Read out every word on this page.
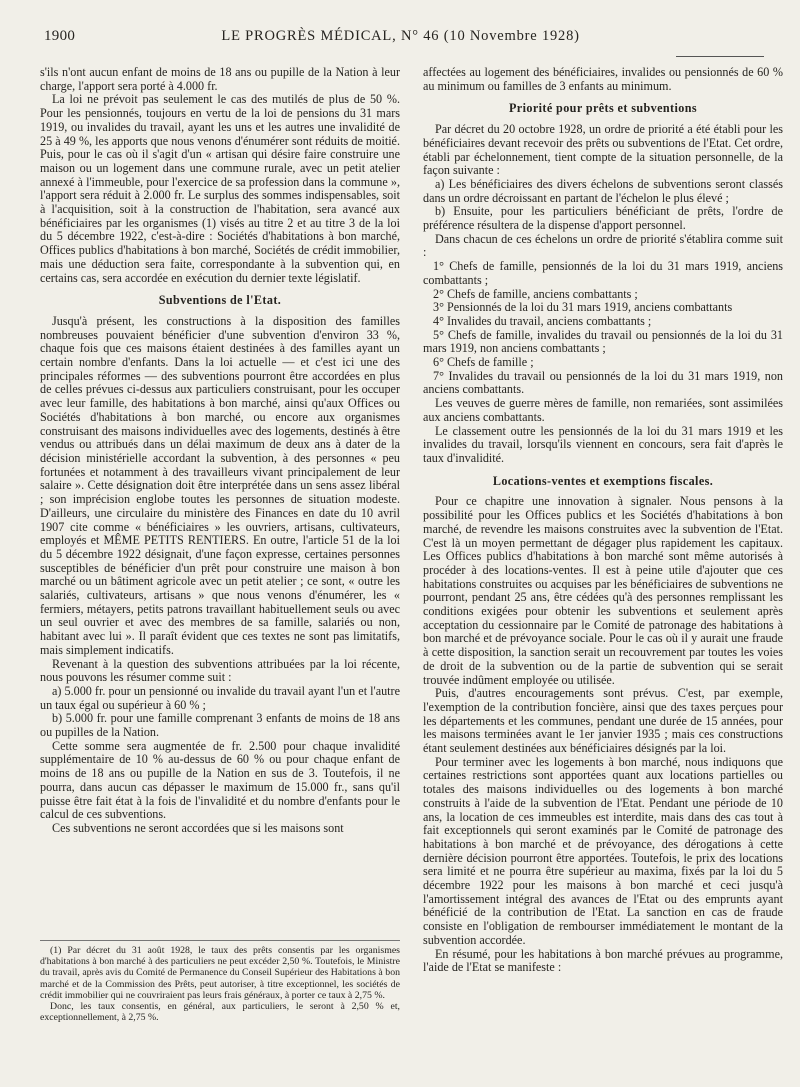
1900	LE PROGRÈS MÉDICAL, N° 46 (10 Novembre 1928)

s'ils n'ont aucun enfant de moins de 18 ans ou pupille de la Nation à leur charge, l'apport sera porté à 4.000 fr.

La loi ne prévoit pas seulement le cas des mutilés de plus de 50 %. Pour les pensionnés, toujours en vertu de la loi de pensions du 31 mars 1919, ou invalides du travail, ayant les uns et les autres une invalidité de 25 à 49 %, les apports que nous venons d'énumérer sont réduits de moitié. Puis, pour le cas où il s'agit d'un « artisan qui désire faire construire une maison ou un logement dans une commune rurale, avec un petit atelier annexé à l'immeuble, pour l'exercice de sa profession dans la commune », l'apport sera réduit à 2.000 fr. Le surplus des sommes indispensables, soit à l'acquisition, soit à la construction de l'habitation, sera avancé aux bénéficiaires par les organismes (1) visés au titre 2 et au titre 3 de la loi du 5 décembre 1922, c'est-à-dire : Sociétés d'habitations à bon marché, Offices publics d'habitations à bon marché, Sociétés de crédit immobilier, mais une déduction sera faite, correspondante à la subvention qui, en certains cas, sera accordée en exécution du dernier texte législatif.

Subventions de l'Etat.

Jusqu'à présent, les constructions à la disposition des familles nombreuses pouvaient bénéficier d'une subvention d'environ 33 %, chaque fois que ces maisons étaient destinées à des familles ayant un certain nombre d'enfants. Dans la loi actuelle — et c'est ici une des principales réformes — des subventions pourront être accordées en plus de celles prévues ci-dessus aux particuliers construisant, pour les occuper avec leur famille, des habitations à bon marché, ainsi qu'aux Offices ou Sociétés d'habitations à bon marché, ou encore aux organismes construisant des maisons individuelles avec des logements, destinés à être vendus ou attribués dans un délai maximum de deux ans à dater de la décision ministérielle accordant la subvention, à des personnes « peu fortunées et notamment à des travailleurs vivant principalement de leur salaire ». Cette désignation doit être interprétée dans un sens assez libéral ; son imprécision englobe toutes les personnes de situation modeste. D'ailleurs, une circulaire du ministère des Finances en date du 10 avril 1907 cite comme « bénéficiaires » les ouvriers, artisans, cultivateurs, employés et MÊME PETITS RENTIERS. En outre, l'article 51 de la loi du 5 décembre 1922 désignait, d'une façon expresse, certaines personnes susceptibles de bénéficier d'un prêt pour construire une maison à bon marché ou un bâtiment agricole avec un petit atelier ; ce sont, « outre les salariés, cultivateurs, artisans » que nous venons d'énumérer, les « fermiers, métayers, petits patrons travaillant habituellement seuls ou avec un seul ouvrier et avec des membres de sa famille, salariés ou non, habitant avec lui ». Il paraît évident que ces textes ne sont pas limitatifs, mais simplement indicatifs.

Revenant à la question des subventions attribuées par la loi récente, nous pouvons les résumer comme suit :

a) 5.000 fr. pour un pensionné ou invalide du travail ayant l'un et l'autre un taux égal ou supérieur à 60 % ;

b) 5.000 fr. pour une famille comprenant 3 enfants de moins de 18 ans ou pupilles de la Nation.

Cette somme sera augmentée de fr. 2.500 pour chaque invalidité supplémentaire de 10 % au-dessus de 60 % ou pour chaque enfant de moins de 18 ans ou pupille de la Nation en sus de 3. Toutefois, il ne pourra, dans aucun cas dépasser le maximum de 15.000 fr., sans qu'il puisse être fait état à la fois de l'invalidité et du nombre d'enfants pour le calcul de ces subventions.

Ces subventions ne seront accordées que si les maisons sont

(1) Par décret du 31 août 1928, le taux des prêts consentis par les organismes d'habitations à bon marché à des particuliers ne peut excéder 2,50 %. Toutefois, le Ministre du travail, après avis du Comité de Permanence du Conseil Supérieur des Habitations à bon marché et de la Commission des Prêts, peut autoriser, à titre exceptionnel, les sociétés de crédit immobilier qui ne couvriraient pas leurs frais généraux, à porter ce taux à 2,75 %.

Donc, les taux consentis, en général, aux particuliers, le seront à 2,50 % et, exceptionnellement, à 2,75 %.

affectées au logement des bénéficiaires, invalides ou pensionnés de 60 % au minimum ou familles de 3 enfants au minimum.

Priorité pour prêts et subventions

Par décret du 20 octobre 1928, un ordre de priorité a été établi pour les bénéficiaires devant recevoir des prêts ou subventions de l'Etat. Cet ordre, établi par échelonnement, tient compte de la situation personnelle, de la façon suivante :

a) Les bénéficiaires des divers échelons de subventions seront classés dans un ordre décroissant en partant de l'échelon le plus élevé ;

b) Ensuite, pour les particuliers bénéficiant de prêts, l'ordre de préférence résultera de la dispense d'apport personnel.

Dans chacun de ces échelons un ordre de priorité s'établira comme suit :

1° Chefs de famille, pensionnés de la loi du 31 mars 1919, anciens combattants ;

2° Chefs de famille, anciens combattants ;

3° Pensionnés de la loi du 31 mars 1919, anciens combattants

4° Invalides du travail, anciens combattants ;

5° Chefs de famille, invalides du travail ou pensionnés de la loi du 31 mars 1919, non anciens combattants ;

6° Chefs de famille ;

7° Invalides du travail ou pensionnés de la loi du 31 mars 1919, non anciens combattants.

Les veuves de guerre mères de famille, non remariées, sont assimilées aux anciens combattants.

Le classement outre les pensionnés de la loi du 31 mars 1919 et les invalides du travail, lorsqu'ils viennent en concours, sera fait d'après le taux d'invalidité.

Locations-ventes et exemptions fiscales.

Pour ce chapitre une innovation à signaler. Nous pensons à la possibilité pour les Offices publics et les Sociétés d'habitations à bon marché, de revendre les maisons construites avec la subvention de l'Etat. C'est là un moyen permettant de dégager plus rapidement les capitaux. Les Offices publics d'habitations à bon marché sont même autorisés à procéder à des locations-ventes. Il est à peine utile d'ajouter que ces habitations construites ou acquises par les bénéficiaires de subventions ne pourront, pendant 25 ans, être cédées qu'à des personnes remplissant les conditions exigées pour obtenir les subventions et seulement après acceptation du cessionnaire par le Comité de patronage des habitations à bon marché et de prévoyance sociale. Pour le cas où il y aurait une fraude à cette disposition, la sanction serait un recouvrement par toutes les voies de droit de la subvention ou de la partie de subvention qui se serait trouvée indûment employée ou utilisée.

Puis, d'autres encouragements sont prévus. C'est, par exemple, l'exemption de la contribution foncière, ainsi que des taxes perçues pour les départements et les communes, pendant une durée de 15 années, pour les maisons terminées avant le 1er janvier 1935 ; mais ces constructions étant seulement destinées aux bénéficiaires désignés par la loi.

Pour terminer avec les logements à bon marché, nous indiquons que certaines restrictions sont apportées quant aux locations partielles ou totales des maisons individuelles ou des logements à bon marché construits à l'aide de la subvention de l'Etat. Pendant une période de 10 ans, la location de ces immeubles est interdite, mais dans des cas tout à fait exceptionnels qui seront examinés par le Comité de patronage des habitations à bon marché et de prévoyance, des dérogations à cette dernière décision pourront être apportées. Toutefois, le prix des locations sera limité et ne pourra être supérieur au maxima, fixés par la loi du 5 décembre 1922 pour les maisons à bon marché et ceci jusqu'à l'amortissement intégral des avances de l'Etat ou des emprunts ayant bénéficié de la contribution de l'Etat. La sanction en cas de fraude consiste en l'obligation de rembourser immédiatement le montant de la subvention accordée.

En résumé, pour les habitations à bon marché prévues au programme, l'aide de l'Etat se manifeste :
